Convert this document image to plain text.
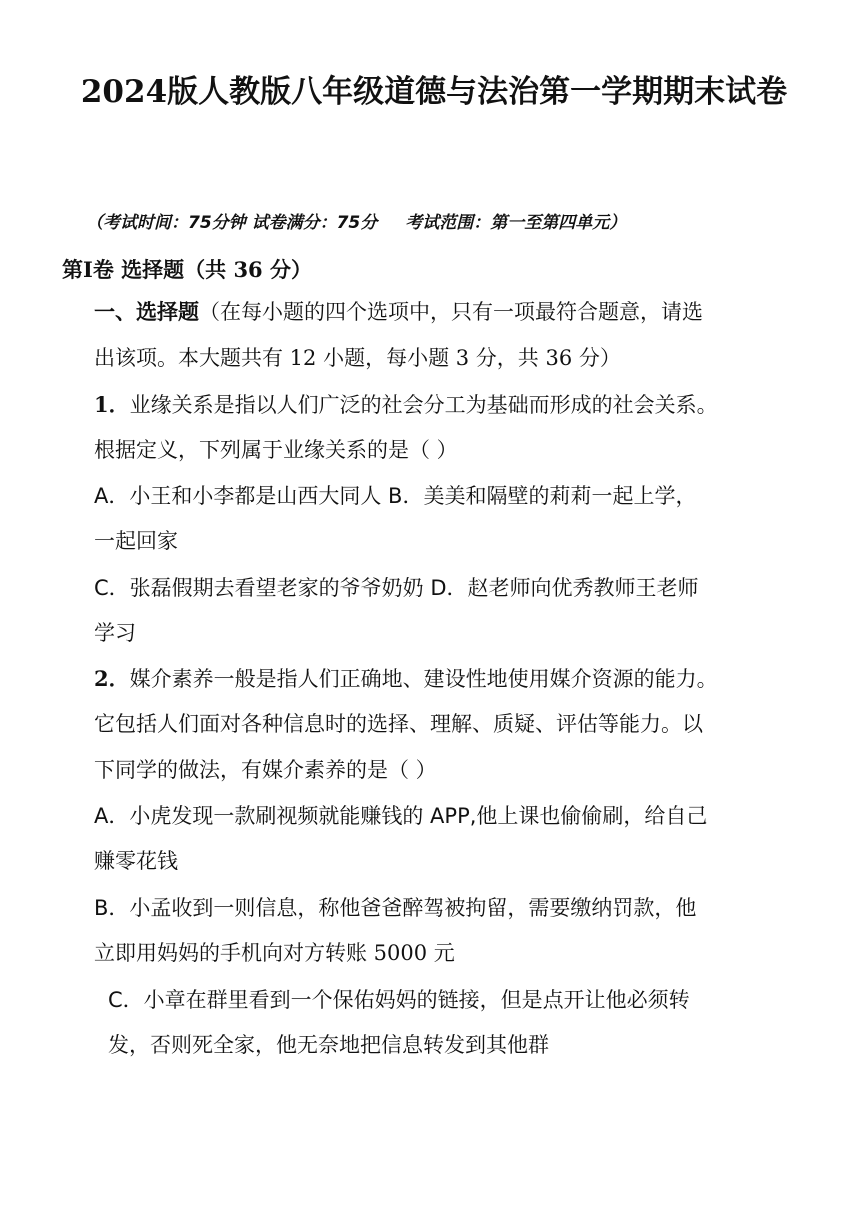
2024版人教版八年级道德与法治第一学期期末试卷
（考试时间：75分钟 试卷满分：75分 考试范围：第一至第四单元）
第Ⅰ卷 选择题（共 36 分）
一、选择题（在每小题的四个选项中，只有一项最符合题意，请选
出该项。本大题共有 12 小题，每小题 3 分，共 36 分）
1．业缘关系是指以人们广泛的社会分工为基础而形成的社会关系。
根据定义，下列属于业缘关系的是（ ）
A．小王和小李都是山西大同人 B．美美和隔壁的莉莉一起上学，
一起回家
C．张磊假期去看望老家的爷爷奶奶 D．赵老师向优秀教师王老师
学习
2．媒介素养一般是指人们正确地、建设性地使用媒介资源的能力。
它包括人们面对各种信息时的选择、理解、质疑、评估等能力。以
下同学的做法，有媒介素养的是（ ）
A．小虎发现一款刷视频就能赚钱的 APP,他上课也偷偷刷，给自己
赚零花钱
B．小孟收到一则信息，称他爸爸醉驾被拘留，需要缴纳罚款，他
立即用妈妈的手机向对方转账 5000 元
C．小章在群里看到一个保佑妈妈的链接，但是点开让他必须转
发，否则死全家，他无奈地把信息转发到其他群
